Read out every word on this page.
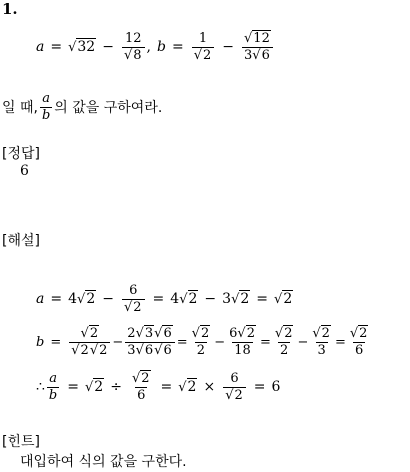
1.
$a = √32 - \frac{12}{√8}$ , $b = \frac{1}{√2} - \frac{√12}{3√6}$
일 때, $\frac{a}{b}$ 의 값을 구하여라.
[정답]
6
[해설]
a = 4 $√2 - \frac{6}{√2} = 4$ √2 − 3 √2 = √2
$b = \frac{√2}{√2√2} - \frac{2√3√6}{3√6√6} = \frac{√2}{2} - \frac{6√2}{18} = \frac{√2}{2} - \frac{√2}{3} = \frac{√2}{6}$
∴ $\frac{a}{b} = √2 \div \frac{√2}{6} = √2 \times \frac{6}{√2} = 6$
[힌트]
대입하여 식의 값을 구한다.
